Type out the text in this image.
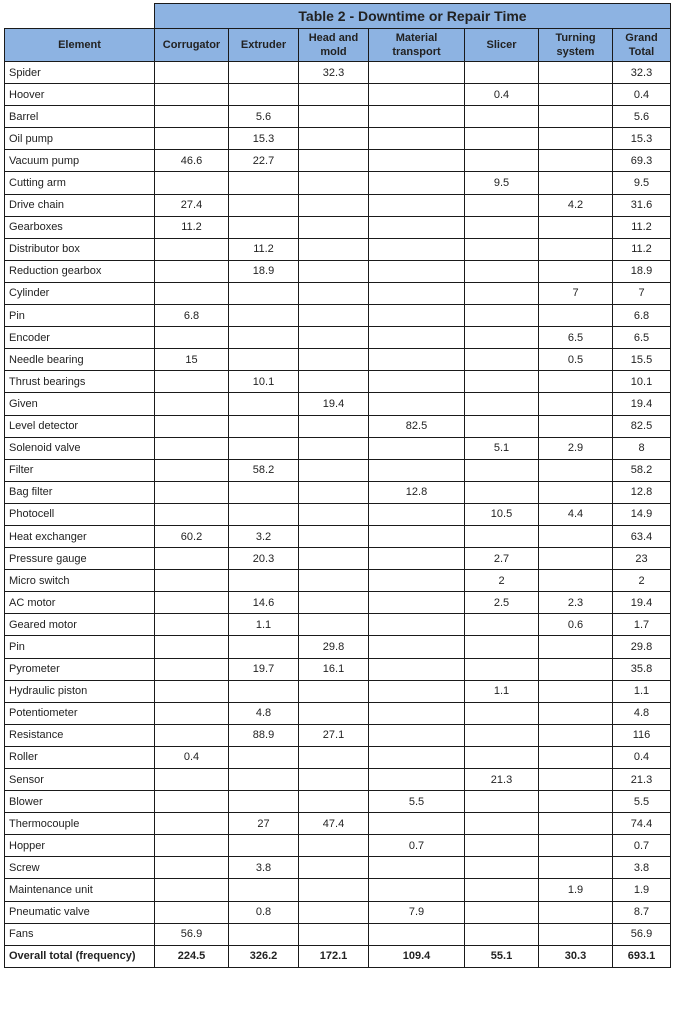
	Table 2 - Downtime or Repair Time						
Element	Corrugator	Extruder	Head and mold	Material transport	Slicer	Turning system	Grand Total
Spider			32.3				32.3
Hoover					0.4		0.4
Barrel		5.6					5.6
Oil pump		15.3					15.3
Vacuum pump	46.6	22.7					69.3
Cutting arm					9.5		9.5
Drive chain	27.4					4.2	31.6
Gearboxes	11.2						11.2
Distributor box		11.2					11.2
Reduction gearbox		18.9					18.9
Cylinder						7	7
Pin	6.8						6.8
Encoder						6.5	6.5
Needle bearing	15					0.5	15.5
Thrust bearings		10.1					10.1
Given			19.4				19.4
Level detector				82.5			82.5
Solenoid valve					5.1	2.9	8
Filter		58.2					58.2
Bag filter				12.8			12.8
Photocell					10.5	4.4	14.9
Heat exchanger	60.2	3.2					63.4
Pressure gauge		20.3			2.7		23
Micro switch					2		2
AC motor		14.6			2.5	2.3	19.4
Geared motor		1.1				0.6	1.7
Pin			29.8				29.8
Pyrometer		19.7	16.1				35.8
Hydraulic piston					1.1		1.1
Potentiometer		4.8					4.8
Resistance		88.9	27.1				116
Roller	0.4						0.4
Sensor					21.3		21.3
Blower				5.5			5.5
Thermocouple		27	47.4				74.4
Hopper				0.7			0.7
Screw		3.8					3.8
Maintenance unit						1.9	1.9
Pneumatic valve		0.8		7.9			8.7
Fans	56.9						56.9
Overall total (frequency)	224.5	326.2	172.1	109.4	55.1	30.3	693.1
